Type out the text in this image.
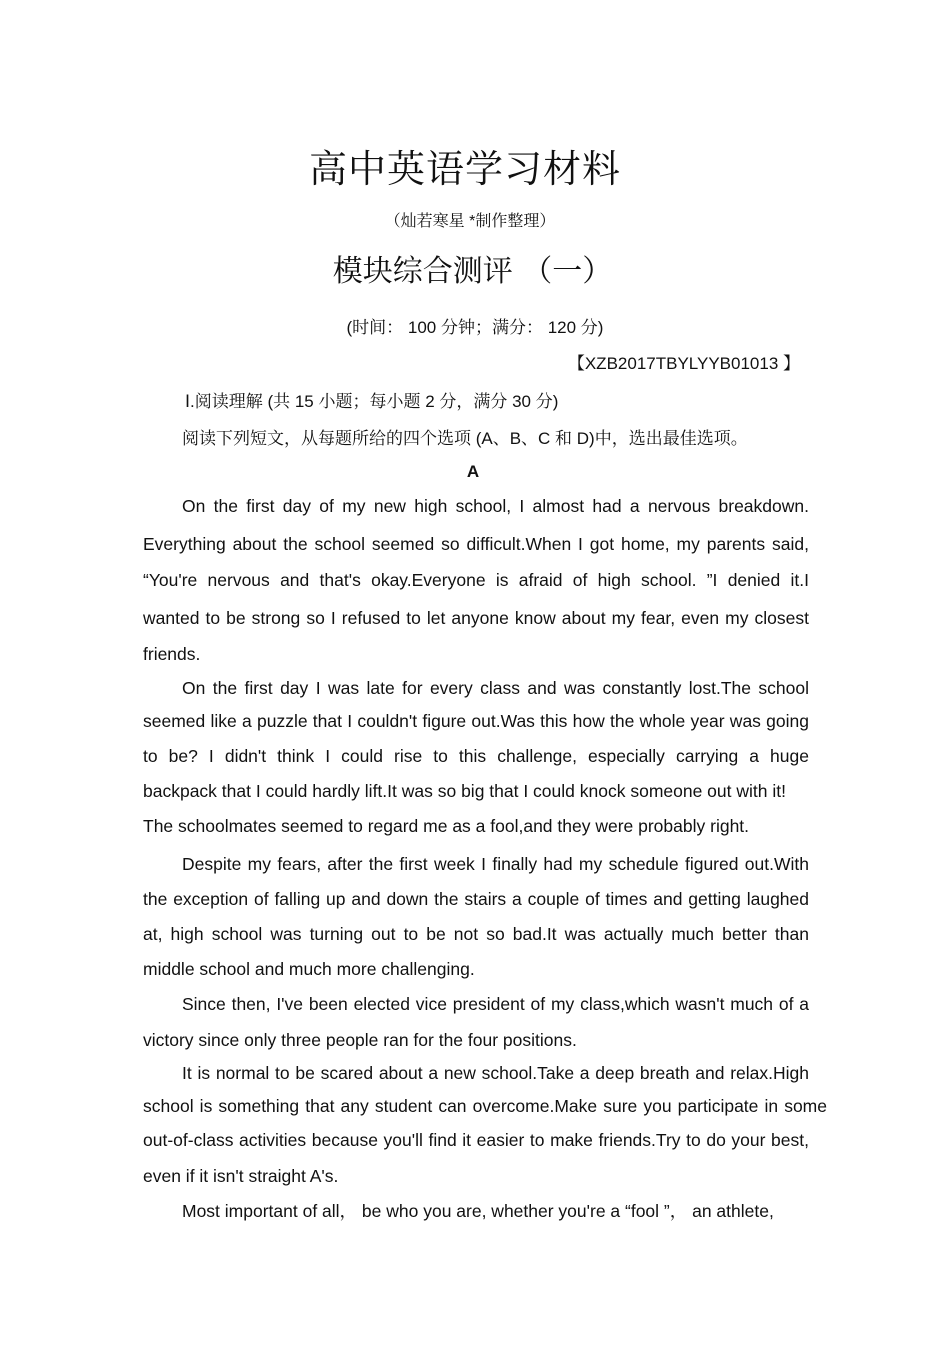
高中英语学习材料
（灿若寒星 *制作整理）
模块综合测评 （一）
(时间： 100 分钟；满分： 120 分)
【XZB2017TBYLYYB01013 】
Ⅰ.阅读理解 (共 15 小题；每小题 2 分，满分 30 分)
阅读下列短文，从每题所给的四个选项 (A、B、C 和 D)中，选出最佳选项。
A
On the first day of my new high school, I almost had a nervous breakdown.
Everything about the school seemed so difficult.When I got home, my parents said,
“You're nervous and that's okay.Everyone is afraid of high school. ”I denied it.I
wanted to be strong so I refused to let anyone know about my fear, even my closest
friends.
On the first day I was late for every class and was constantly lost.The school
seemed like a puzzle that I couldn't figure out.Was this how the whole year was going
to be? I didn't think I could rise to this challenge, especially carrying a huge
backpack that I could hardly lift.It was so big that I could knock someone out with it!
The schoolmates seemed to regard me as a fool,and they were probably right.
Despite my fears, after the first week I finally had my schedule figured out.With
the exception of falling up and down the stairs a couple of times and getting laughed
at, high school was turning out to be not so bad.It was actually much better than
middle school and much more challenging.
Since then, I've been elected vice president of my class,which wasn't much of a
victory since only three people ran for the four positions.
It is normal to be scared about a new school.Take a deep breath and relax.High
school is something that any student can overcome.Make sure you participate in some
out-of-class activities because you'll find it easier to make friends.Try to do your best,
even if it isn't straight A's.
Most important of all， be who you are, whether you're a “fool ”， an athlete,
